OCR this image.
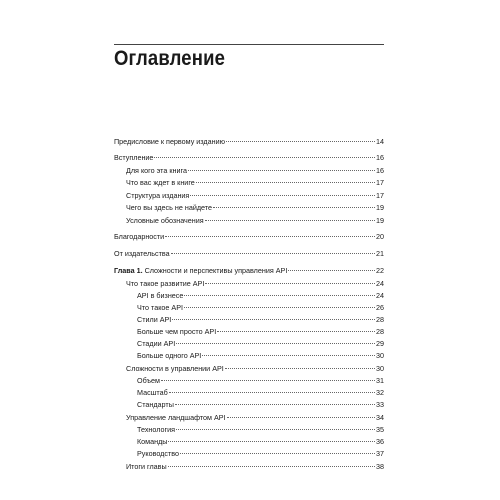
Оглавление
Предисловие к первому изданию	14
Вступление	16
Для кого эта книга	16
Что вас ждет в книге	17
Структура издания	17
Чего вы здесь не найдете	19
Условные обозначения	19
Благодарности	20
От издательства	21
Глава 1. Сложности и перспективы управления API	22
Что такое развитие API	24
API в бизнесе	24
Что такое API	26
Стили API	28
Больше чем просто API	28
Стадии API	29
Больше одного API	30
Сложности в управлении API	30
Объем	31
Масштаб	32
Стандарты	33
Управление ландшафтом API	34
Технология	35
Команды	36
Руководство	37
Итоги главы	38
